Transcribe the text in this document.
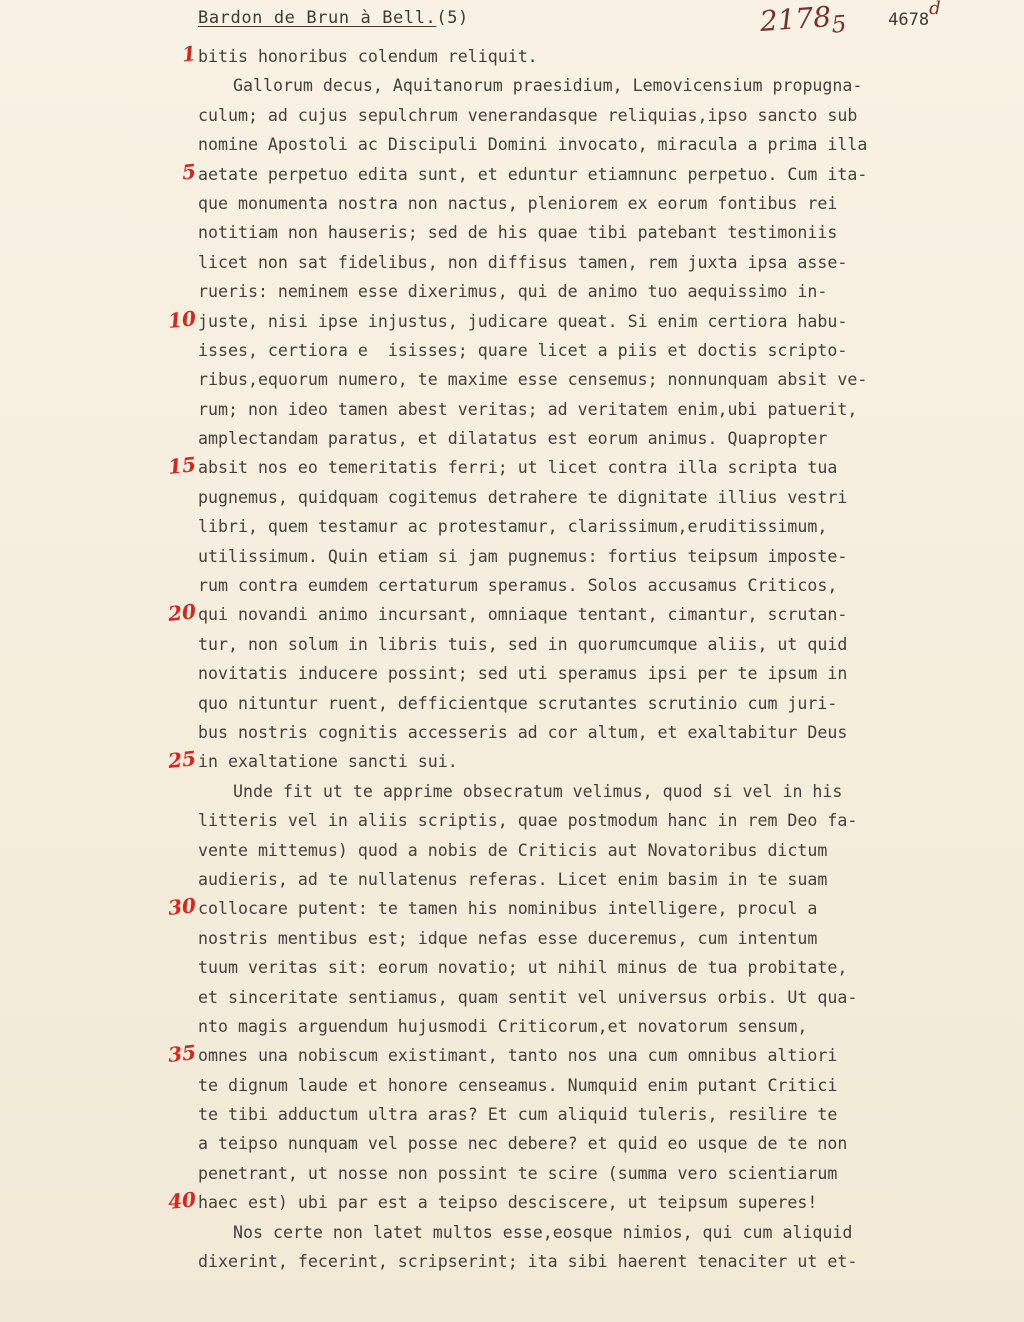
Bardon de Brun à Bell.(5)	$2178_5$ 4678d
1 bitis honoribus colendum reliquit.
Gallorum decus, Aquitanorum praesidium, Lemovicensium propugna-
culum; ad cujus sepulchrum venerandasque reliquias,ipso sancto sub
nomine Apostoli ac Discipuli Domini invocato, miracula a prima illa
5 aetate perpetuo edita sunt, et eduntur etiamnunc perpetuo. Cum ita-
que monumenta nostra non nactus, pleniorem ex eorum fontibus rei
notitiam non hauseris; sed de his quae tibi patebant testimoniis
licet non sat fidelibus, non diffisus tamen, rem juxta ipsa asse-
rueris: neminem esse dixerimus, qui de animo tuo aequissimo in-
10 juste, nisi ipse injustus, judicare queat. Si enim certiora habu-
isses, certiora e  isisses; quare licet a piis et doctis scripto-
ribus,equorum numero, te maxime esse censemus; nonnunquam absit ve-
rum; non ideo tamen abest veritas; ad veritatem enim,ubi patuerit,
amplectandam paratus, et dilatatus est eorum animus. Quapropter
15 absit nos eo temeritatis ferri; ut licet contra illa scripta tua
pugnemus, quidquam cogitemus detrahere te dignitate illius vestri
libri, quem testamur ac protestamur, clarissimum,eruditissimum,
utilissimum. Quin etiam si jam pugnemus: fortius teipsum imposte-
rum contra eumdem certaturum speramus. Solos accusamus Criticos,
20 qui novandi animo incursant, omniaque tentant, cimantur, scrutan-
tur, non solum in libris tuis, sed in quorumcumque aliis, ut quid
novitatis inducere possint; sed uti speramus ipsi per te ipsum in
quo nituntur ruent, defficientque scrutantes scrutinio cum juri-
bus nostris cognitis accesseris ad cor altum, et exaltabitur Deus
25 in exaltatione sancti sui.
Unde fit ut te apprime obsecratum velimus, quod si vel in his
litteris vel in aliis scriptis, quae postmodum hanc in rem Deo fa-
vente mittemus) quod a nobis de Criticis aut Novatoribus dictum
audieris, ad te nullatenus referas. Licet enim basim in te suam
30 collocare putent: te tamen his nominibus intelligere, procul a
nostris mentibus est; idque nefas esse duceremus, cum intentum
tuum veritas sit: eorum novatio; ut nihil minus de tua probitate,
et sinceritate sentiamus, quam sentit vel universus orbis. Ut qua-
nto magis arguendum hujusmodi Criticorum,et novatorum sensum,
35 omnes una nobiscum existimant, tanto nos una cum omnibus altiori
te dignum laude et honore censeamus. Numquid enim putant Critici
te tibi adductum ultra aras? Et cum aliquid tuleris, resilire te
a teipso nunquam vel posse nec debere? et quid eo usque de te non
penetrant, ut nosse non possint te scire (summa vero scientiarum
40 haec est) ubi par est a teipso desciscere, ut teipsum superes!
Nos certe non latet multos esse,eosque nimios, qui cum aliquid
dixerint, fecerint, scripserint; ita sibi haerent tenaciter ut et-
